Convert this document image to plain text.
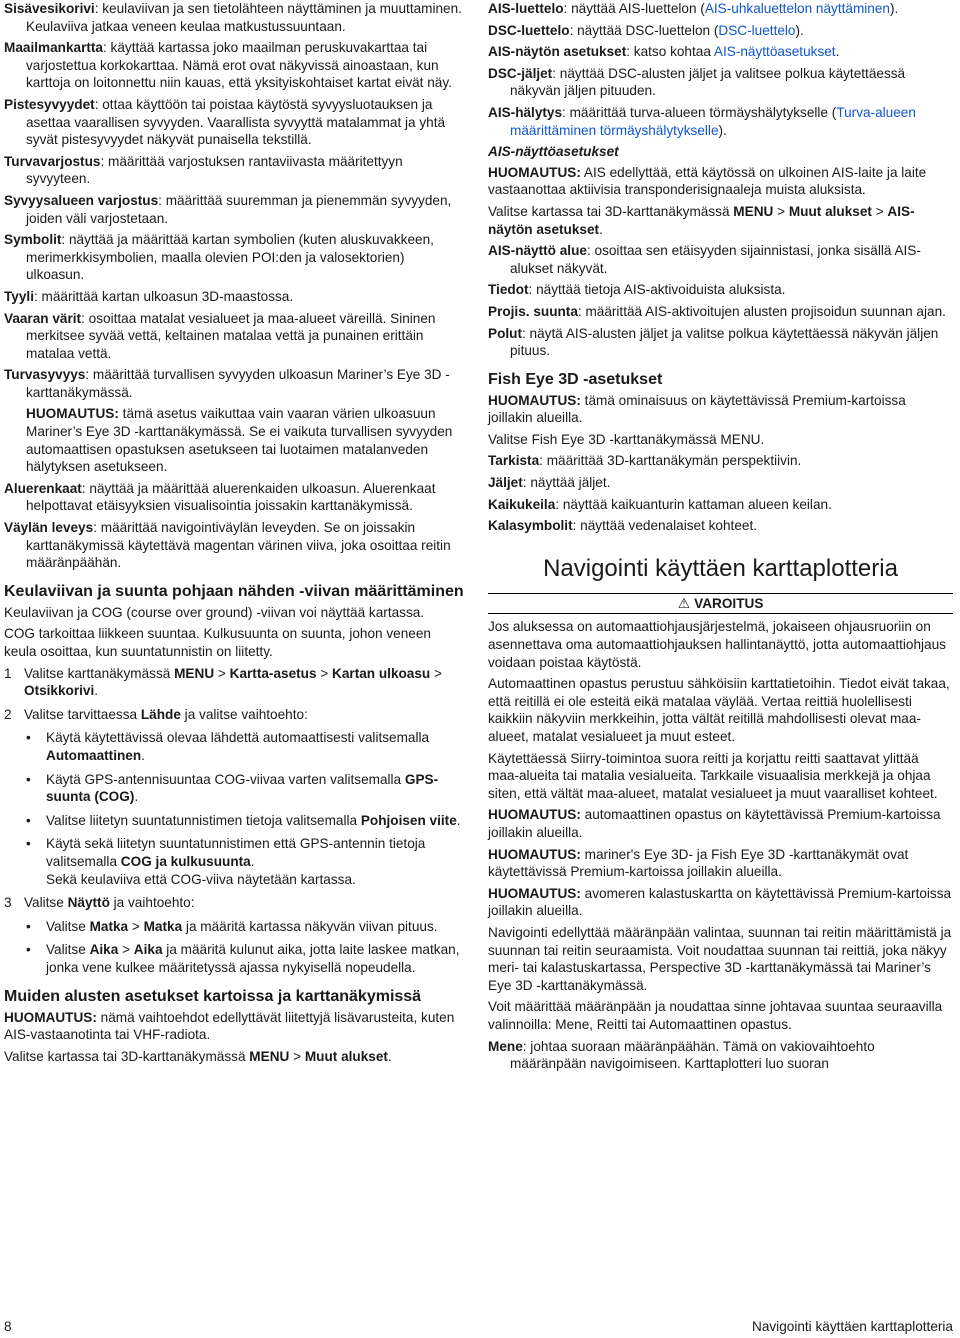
Sisävesikorivi: keulaviivan ja sen tietolähteen näyttäminen ja muuttaminen. Keulaviiva jatkaa veneen keulaa matkustussuuntaan.

Maailmankartta: käyttää kartassa joko maailman peruskuvakarttaa tai varjostettua korkokarttaa. Nämä erot ovat näkyvissä ainoastaan, kun karttoja on loitonnettu niin kauas, että yksityiskohtaiset kartat eivät näy.

Pistesyvyydet: ottaa käyttöön tai poistaa käytöstä syvyysluotauksen ja asettaa vaarallisen syvyyden. Vaarallista syvyyttä matalammat ja yhtä syvät pistesyvyydet näkyvät punaisella tekstillä.

Turvavarjostus: määrittää varjostuksen rantaviivasta määritettyyn syvyyteen.

Syvyysalueen varjostus: määrittää suuremman ja pienemmän syvyyden, joiden väli varjostetaan.

Symbolit: näyttää ja määrittää kartan symbolien (kuten aluskuvakkeen, merimerkkisymbolien, maalla olevien POI:den ja valosektorien) ulkoasun.

Tyyli: määrittää kartan ulkoasun 3D-maastossa.

Vaaran värit: osoittaa matalat vesialueet ja maa-alueet väreillä. Sininen merkitsee syvää vettä, keltainen matalaa vettä ja punainen erittäin matalaa vettä.

Turvasyvyys: määrittää turvallisen syvyyden ulkoasun Mariner’s Eye 3D -karttanäkymässä.

HUOMAUTUS: tämä asetus vaikuttaa vain vaaran värien ulkoasuun Mariner’s Eye 3D -karttanäkymässä. Se ei vaikuta turvallisen syvyyden automaattisen opastuksen asetukseen tai luotaimen matalanveden hälytyksen asetukseen.

Aluerenkaat: näyttää ja määrittää aluerenkaiden ulkoasun. Aluerenkaat helpottavat etäisyyksien visualisointia joissakin karttanäkymissä.

Väylän leveys: määrittää navigointiväylän leveyden. Se on joissakin karttanäkymissä käytettävä magentan värinen viiva, joka osoittaa reitin määränpäähän.

Keulaviivan ja suunta pohjaan nähden -viivan määrittäminen

Keulaviivan ja COG (course over ground) -viivan voi näyttää kartassa.

COG tarkoittaa liikkeen suuntaa. Kulkusuunta on suunta, johon veneen keula osoittaa, kun suuntatunnistin on liitetty.

1 Valitse karttanäkymässä MENU > Kartta-asetus > Kartan ulkoasu > Otsikkorivi.
2 Valitse tarvittaessa Lähde ja valitse vaihtoehto:
• Käytä käytettävissä olevaa lähdettä automaattisesti valitsemalla Automaattinen.
• Käytä GPS-antennisuuntaa COG-viivaa varten valitsemalla GPS-suunta (COG).
• Valitse liitetyn suuntatunnistimen tietoja valitsemalla Pohjoisen viite.
• Käytä sekä liitetyn suuntatunnistimen että GPS-antennin tietoja valitsemalla COG ja kulkusuunta.
Sekä keulaviiva että COG-viiva näytetään kartassa.
3 Valitse Näyttö ja vaihtoehto:
• Valitse Matka > Matka ja määritä kartassa näkyvän viivan pituus.
• Valitse Aika > Aika ja määritä kulunut aika, jotta laite laskee matkan, jonka vene kulkee määritetyssä ajassa nykyisellä nopeudella.
Muiden alusten asetukset kartoissa ja karttanäkymissä

HUOMAUTUS: nämä vaihtoehdot edellyttävät liitettyjä lisävarusteita, kuten AIS-vastaanotinta tai VHF-radiota.

Valitse kartassa tai 3D-karttanäkymässä MENU > Muut alukset.

AIS-luettelo: näyttää AIS-luettelon (AIS-uhkaluettelon näyttäminen).

DSC-luettelo: näyttää DSC-luettelon (DSC-luettelo).

AIS-näytön asetukset: katso kohtaa AIS-näyttöasetukset.

DSC-jäljet: näyttää DSC-alusten jäljet ja valitsee polkua käytettäessä näkyvän jäljen pituuden.

AIS-hälytys: määrittää turva-alueen törmäyshälytykselle (Turva-alueen määrittäminen törmäyshälytykselle).

AIS-näyttöasetukset

HUOMAUTUS: AIS edellyttää, että käytössä on ulkoinen AIS-laite ja laite vastaanottaa aktiivisia transponderisignaaleja muista aluksista.

Valitse kartassa tai 3D-karttanäkymässä MENU > Muut alukset > AIS-näytön asetukset.

AIS-näyttö alue: osoittaa sen etäisyyden sijainnistasi, jonka sisällä AIS-alukset näkyvät.

Tiedot: näyttää tietoja AIS-aktivoiduista aluksista.

Projis. suunta: määrittää AIS-aktivoitujen alusten projisoidun suunnan ajan.

Polut: näytä AIS-alusten jäljet ja valitse polkua käytettäessä näkyvän jäljen pituus.

Fish Eye 3D -asetukset

HUOMAUTUS: tämä ominaisuus on käytettävissä Premium-kartoissa joillakin alueilla.

Valitse Fish Eye 3D -karttanäkymässä MENU.

Tarkista: määrittää 3D-karttanäkymän perspektiivin.

Jäljet: näyttää jäljet.

Kaikukeila: näyttää kaikuanturin kattaman alueen keilan.

Kalasymbolit: näyttää vedenalaiset kohteet.

Navigointi käyttäen karttaplotteria
⚠ VAROITUS

Jos aluksessa on automaattiohjausjärjestelmä, jokaiseen ohjausruoriin on asennettava oma automaattiohjauksen hallintanäyttö, jotta automaattiohjaus voidaan poistaa käytöstä.

Automaattinen opastus perustuu sähköisiin karttatietoihin. Tiedot eivät takaa, että reitillä ei ole esteitä eikä matalaa väylää. Vertaa reittiä huolellisesti kaikkiin näkyviin merkkeihin, jotta vältät reitillä mahdollisesti olevat maa-alueet, matalat vesialueet ja muut esteet.

Käytettäessä Siirry-toimintoa suora reitti ja korjattu reitti saattavat ylittää maa-alueita tai matalia vesialueita. Tarkkaile visuaalisia merkkejä ja ohjaa siten, että vältät maa-alueet, matalat vesialueet ja muut vaaralliset kohteet.

HUOMAUTUS: automaattinen opastus on käytettävissä Premium-kartoissa joillakin alueilla.

HUOMAUTUS: mariner's Eye 3D- ja Fish Eye 3D -karttanäkymät ovat käytettävissä Premium-kartoissa joillakin alueilla.

HUOMAUTUS: avomeren kalastuskartta on käytettävissä Premium-kartoissa joillakin alueilla.

Navigointi edellyttää määränpään valintaa, suunnan tai reitin määrittämistä ja suunnan tai reitin seuraamista. Voit noudattaa suunnan tai reittiä, joka näkyy meri- tai kalastuskartassa, Perspective 3D -karttanäkymässä tai Mariner’s Eye 3D -karttanäkymässä.

Voit määrittää määränpään ja noudattaa sinne johtavaa suuntaa seuraavilla valinnoilla: Mene, Reitti tai Automaattinen opastus.

Mene: johtaa suoraan määränpäähän. Tämä on vakiovaihtoehto määränpään navigoimiseen. Karttaplotteri luo suoran

8	Navigointi käyttäen karttaplotteria
